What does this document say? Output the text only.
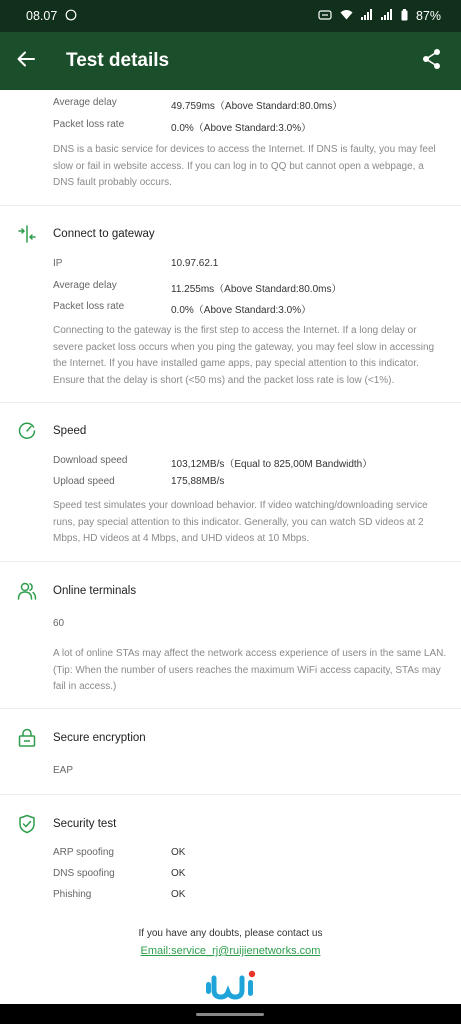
08.07	87%
Test details
Average delay	49.759ms（Above Standard:80.0ms）
Packet loss rate	0.0%（Above Standard:3.0%）
DNS is a basic service for devices to access the Internet. If DNS is faulty, you may feel slow or fail in website access. If you can log in to QQ but cannot open a webpage, a DNS fault probably occurs.
Connect to gateway
IP	10.97.62.1
Average delay	11.255ms（Above Standard:80.0ms）
Packet loss rate	0.0%（Above Standard:3.0%）
Connecting to the gateway is the first step to access the Internet. If a long delay or severe packet loss occurs when you ping the gateway, you may feel slow in accessing the Internet. If you have installed game apps, pay special attention to this indicator. Ensure that the delay is short (<50 ms) and the packet loss rate is low (<1%).
Speed
Download speed	103,12MB/s（Equal to 825,00M Bandwidth）
Upload speed	175,88MB/s
Speed test simulates your download behavior. If video watching/downloading service runs, pay special attention to this indicator. Generally, you can watch SD videos at 2 Mbps, HD videos at 4 Mbps, and UHD videos at 10 Mbps.
Online terminals
60
A lot of online STAs may affect the network access experience of users in the same LAN. (Tip: When the number of users reaches the maximum WiFi access capacity, STAs may fail in access.)
Secure encryption
EAP
Security test
ARP spoofing	OK
DNS spoofing	OK
Phishing	OK
If you have any doubts, please contact us
Email:service_rj@ruijienetworks.com
